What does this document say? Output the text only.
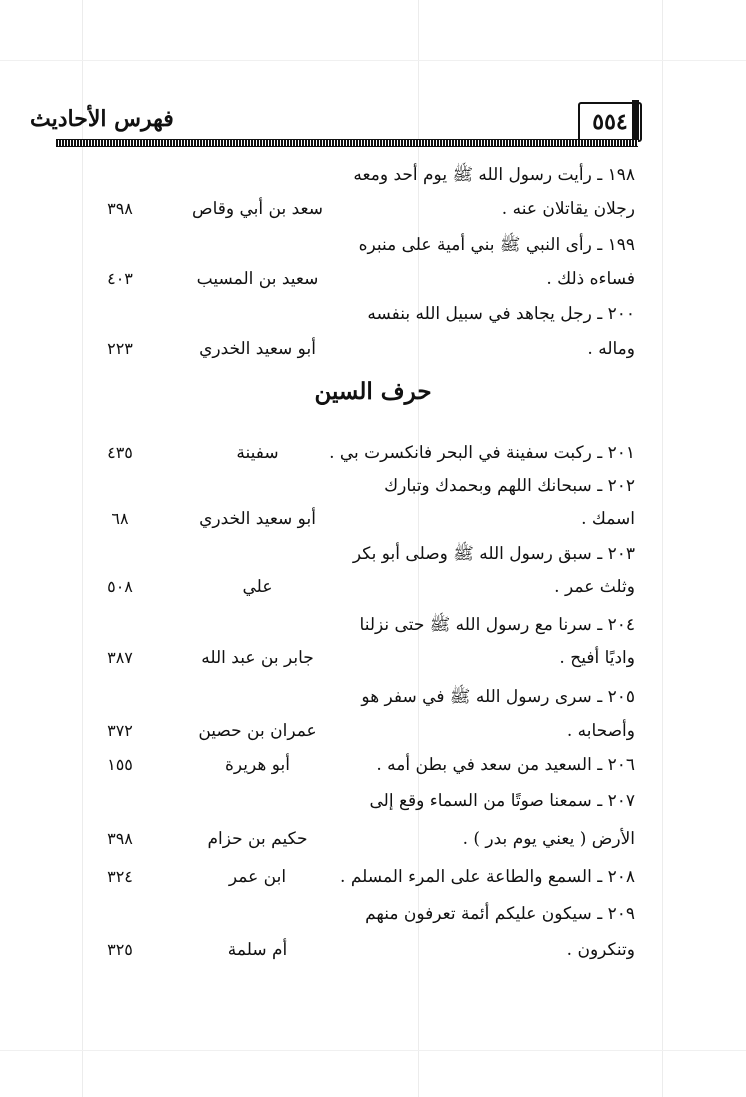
فهرس الأحاديث	٥٥٤
١٩٨ ـ رأيت رسول الله ﷺ يوم أحد ومعه
رجلان يقاتلان عنه .
سعد بن أبي وقاص
٣٩٨
١٩٩ ـ رأى النبي ﷺ بني أمية على منبره
فساءه ذلك .
سعيد بن المسيب
٤٠٣
٢٠٠ ـ رجل يجاهد في سبيل الله بنفسه
وماله .
أبو سعيد الخدري
٢٢٣
٢٠١ ـ ركبت سفينة في البحر فانكسرت بي .
سفينة
٤٣٥
٢٠٢ ـ سبحانك اللهم وبحمدك وتبارك
اسمك .
أبو سعيد الخدري
٦٨
٢٠٣ ـ سبق رسول الله ﷺ وصلى أبو بكر
وثلث عمر .
علي
٥٠٨
٢٠٤ ـ سرنا مع رسول الله ﷺ حتى نزلنا
واديًا أفيح .
جابر بن عبد الله
٣٨٧
٢٠٥ ـ سرى رسول الله ﷺ في سفر هو
وأصحابه .
عمران بن حصين
٣٧٢
٢٠٦ ـ السعيد من سعد في بطن أمه .
أبو هريرة
١٥٥
٢٠٧ ـ سمعنا صوتًا من السماء وقع إلى
الأرض ( يعني يوم بدر ) .
حكيم بن حزام
٣٩٨
٢٠٨ ـ السمع والطاعة على المرء المسلم .
ابن عمر
٣٢٤
٢٠٩ ـ سيكون عليكم أئمة تعرفون منهم
وتنكرون .
أم سلمة
٣٢٥
حرف السين
